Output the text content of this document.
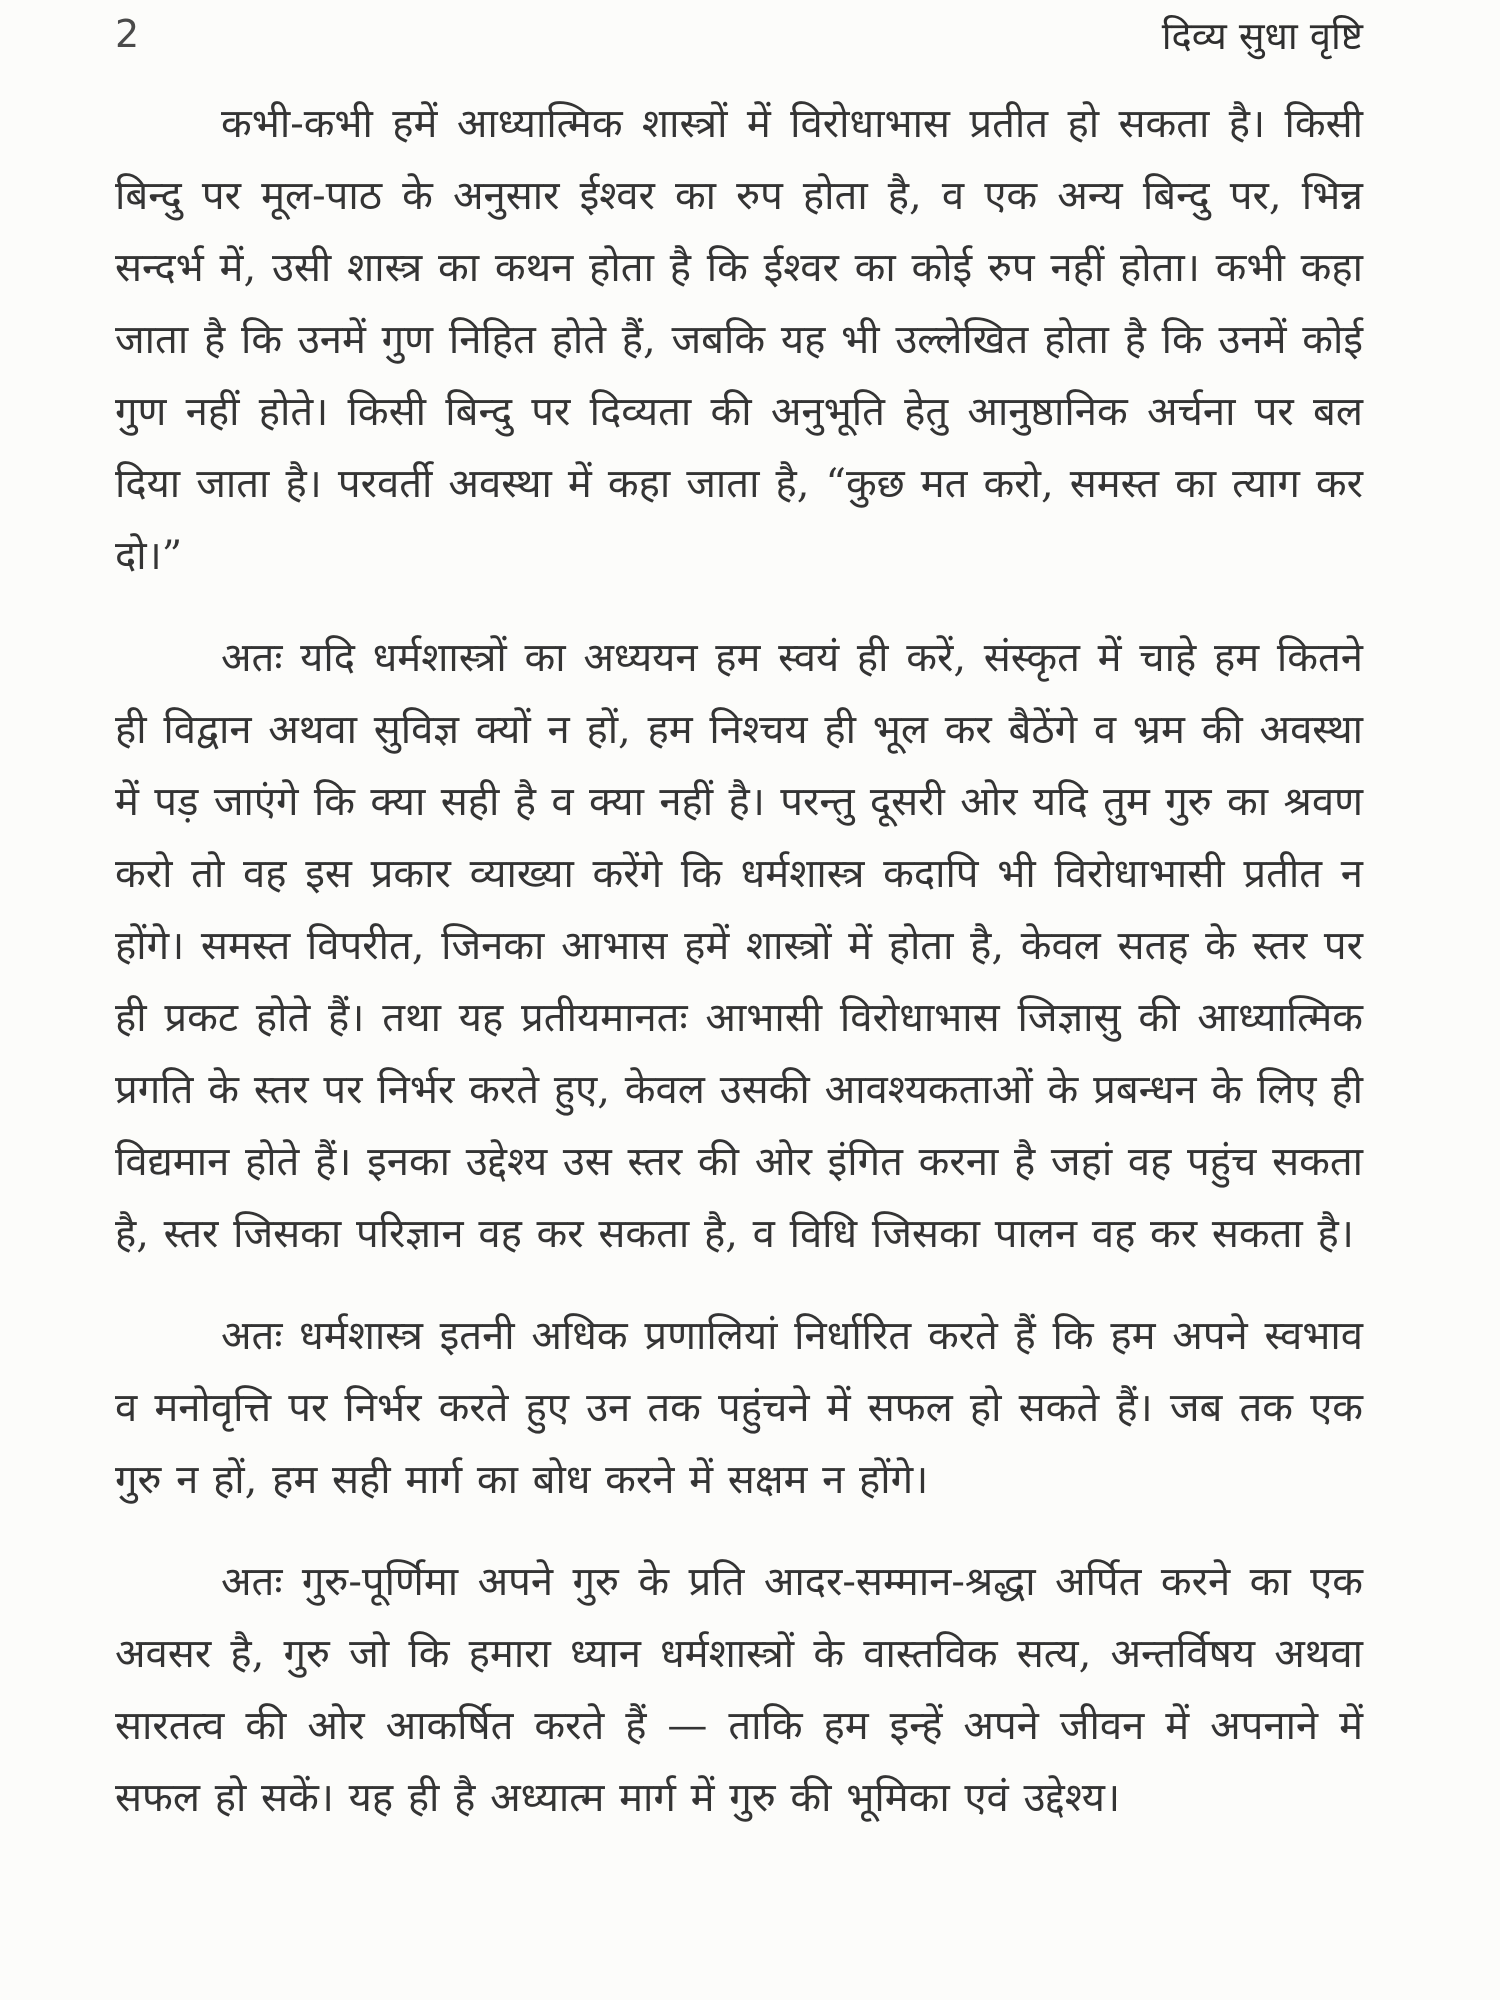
2	दिव्य सुधा वृष्टि

कभी-कभी हमें आध्यात्मिक शास्त्रों में विरोधाभास प्रतीत हो सकता है। किसी बिन्दु पर मूल-पाठ के अनुसार ईश्वर का रुप होता है, व एक अन्य बिन्दु पर, भिन्न सन्दर्भ में, उसी शास्त्र का कथन होता है कि ईश्वर का कोई रुप नहीं होता। कभी कहा जाता है कि उनमें गुण निहित होते हैं, जबकि यह भी उल्लेखित होता है कि उनमें कोई गुण नहीं होते। किसी बिन्दु पर दिव्यता की अनुभूति हेतु आनुष्ठानिक अर्चना पर बल दिया जाता है। परवर्ती अवस्था में कहा जाता है, “कुछ मत करो, समस्त का त्याग कर दो।”

अतः यदि धर्मशास्त्रों का अध्ययन हम स्वयं ही करें, संस्कृत में चाहे हम कितने ही विद्वान अथवा सुविज्ञ क्यों न हों, हम निश्चय ही भूल कर बैठेंगे व भ्रम की अवस्था में पड़ जाएंगे कि क्या सही है व क्या नहीं है। परन्तु दूसरी ओर यदि तुम गुरु का श्रवण करो तो वह इस प्रकार व्याख्या करेंगे कि धर्मशास्त्र कदापि भी विरोधाभासी प्रतीत न होंगे। समस्त विपरीत, जिनका आभास हमें शास्त्रों में होता है, केवल सतह के स्तर पर ही प्रकट होते हैं। तथा यह प्रतीयमानतः आभासी विरोधाभास जिज्ञासु की आध्यात्मिक प्रगति के स्तर पर निर्भर करते हुए, केवल उसकी आवश्यकताओं के प्रबन्धन के लिए ही विद्यमान होते हैं। इनका उद्देश्य उस स्तर की ओर इंगित करना है जहां वह पहुंच सकता है, स्तर जिसका परिज्ञान वह कर सकता है, व विधि जिसका पालन वह कर सकता है।

अतः धर्मशास्त्र इतनी अधिक प्रणालियां निर्धारित करते हैं कि हम अपने स्वभाव व मनोवृत्ति पर निर्भर करते हुए उन तक पहुंचने में सफल हो सकते हैं। जब तक एक गुरु न हों, हम सही मार्ग का बोध करने में सक्षम न होंगे।

अतः गुरु-पूर्णिमा अपने गुरु के प्रति आदर-सम्मान-श्रद्धा अर्पित करने का एक अवसर है, गुरु जो कि हमारा ध्यान धर्मशास्त्रों के वास्तविक सत्य, अन्तर्विषय अथवा सारतत्व की ओर आकर्षित करते हैं — ताकि हम इन्हें अपने जीवन में अपनाने में सफल हो सकें। यह ही है अध्यात्म मार्ग में गुरु की भूमिका एवं उद्देश्य।
